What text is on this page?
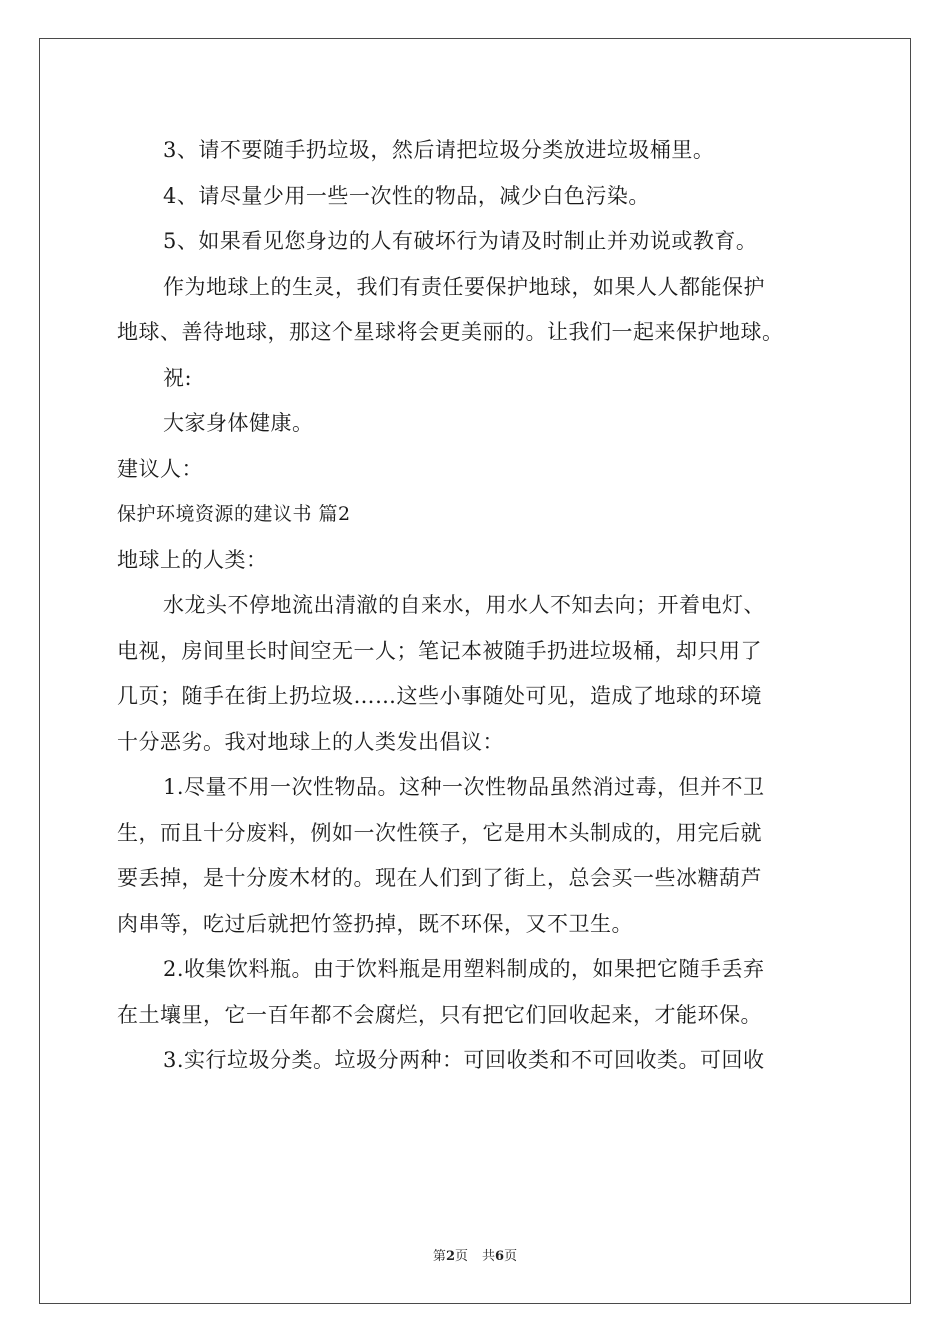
3、请不要随手扔垃圾，然后请把垃圾分类放进垃圾桶里。
4、请尽量少用一些一次性的物品，减少白色污染。
5、如果看见您身边的人有破坏行为请及时制止并劝说或教育。
作为地球上的生灵，我们有责任要保护地球，如果人人都能保护
地球、善待地球，那这个星球将会更美丽的。让我们一起来保护地球。
祝:
大家身体健康。
建议人：
保护环境资源的建议书 篇2
地球上的人类：
水龙头不停地流出清澈的自来水，用水人不知去向；开着电灯、
电视，房间里长时间空无一人；笔记本被随手扔进垃圾桶，却只用了
几页；随手在街上扔垃圾……这些小事随处可见，造成了地球的环境
十分恶劣。我对地球上的人类发出倡议：
1.尽量不用一次性物品。这种一次性物品虽然消过毒，但并不卫
生，而且十分废料，例如一次性筷子，它是用木头制成的，用完后就
要丢掉，是十分废木材的。现在人们到了街上，总会买一些冰糖葫芦
肉串等，吃过后就把竹签扔掉，既不环保，又不卫生。
2.收集饮料瓶。由于饮料瓶是用塑料制成的，如果把它随手丢弃
在土壤里，它一百年都不会腐烂，只有把它们回收起来，才能环保。
3.实行垃圾分类。垃圾分两种：可回收类和不可回收类。可回收
第2页 共6页
